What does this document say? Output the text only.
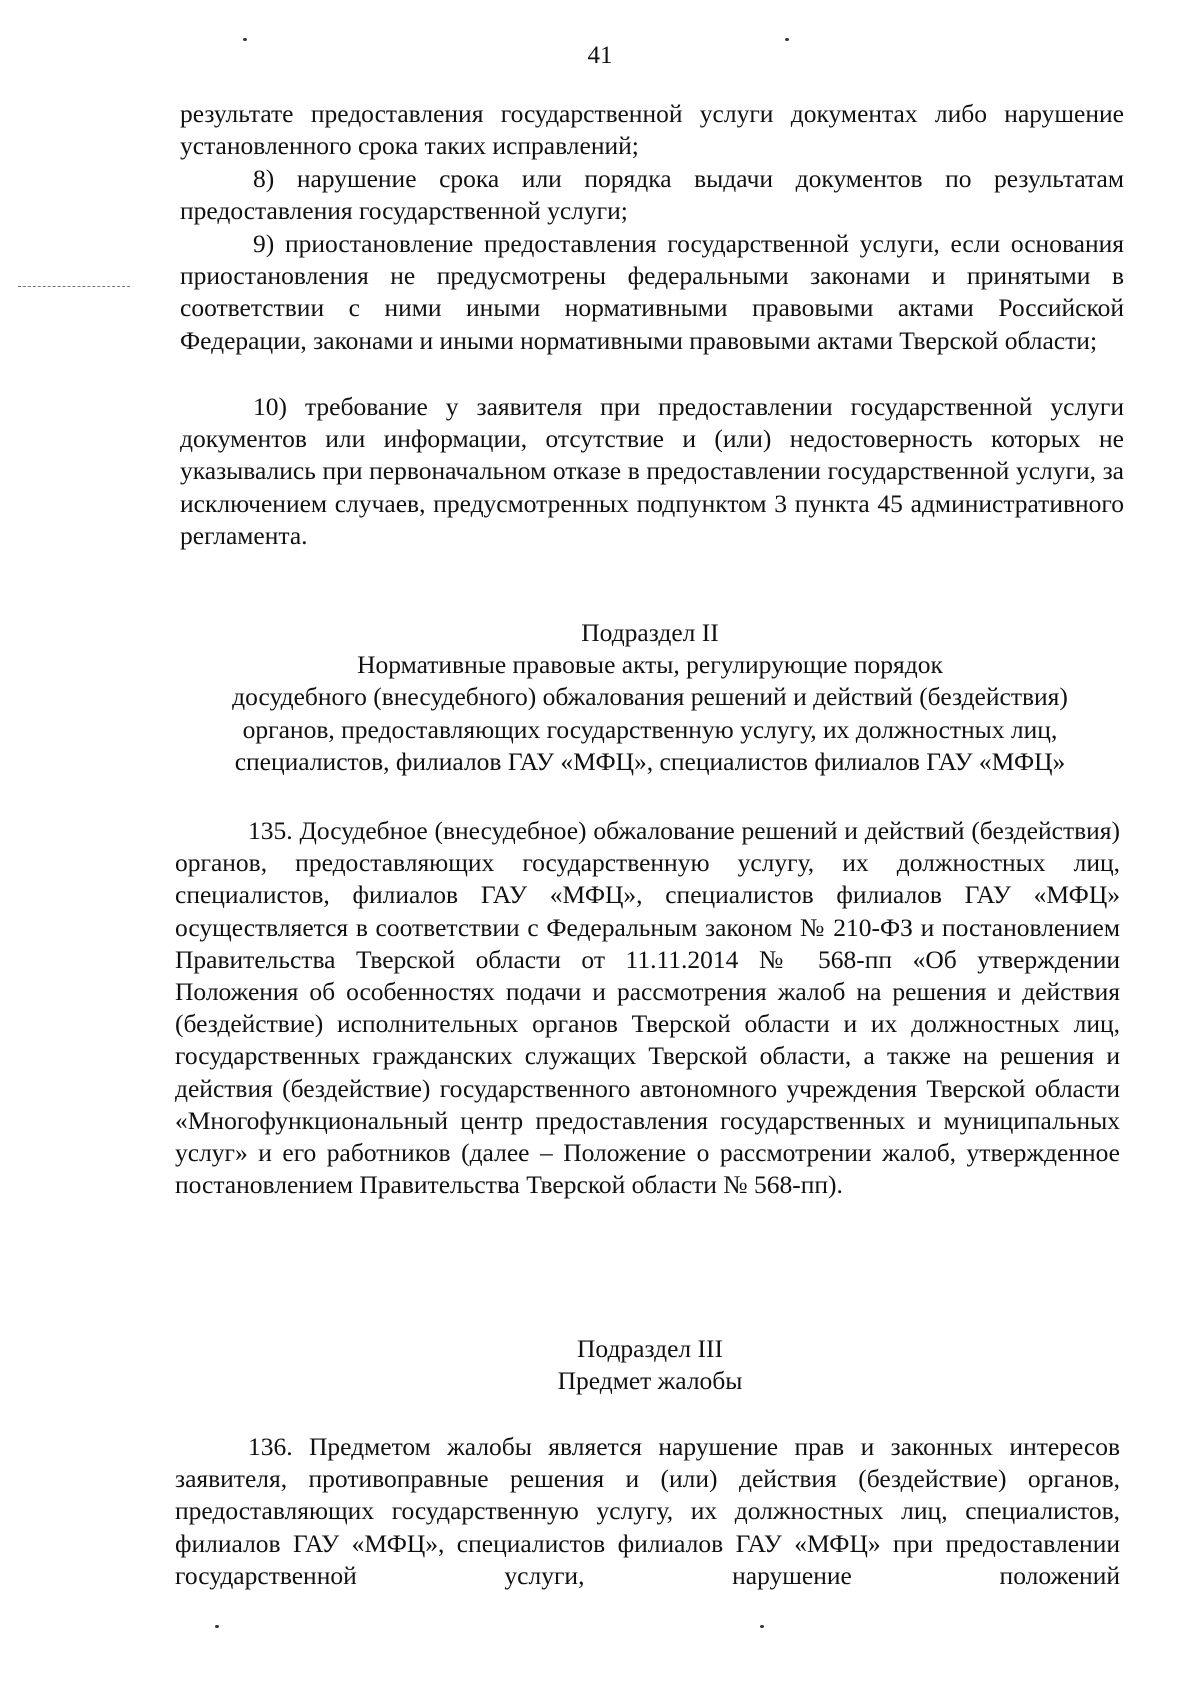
41
результате предоставления государственной услуги документах либо нарушение установленного срока таких исправлений;
8) нарушение срока или порядка выдачи документов по результатам предоставления государственной услуги;
9) приостановление предоставления государственной услуги, если основания приостановления не предусмотрены федеральными законами и принятыми в соответствии с ними иными нормативными правовыми актами Российской Федерации, законами и иными нормативными правовыми актами Тверской области;
10) требование у заявителя при предоставлении государственной услуги документов или информации, отсутствие и (или) недостоверность которых не указывались при первоначальном отказе в предоставлении государственной услуги, за исключением случаев, предусмотренных подпунктом 3 пункта 45 административного регламента.
Подраздел II
Нормативные правовые акты, регулирующие порядок
досудебного (внесудебного) обжалования решений и действий (бездействия)
органов, предоставляющих государственную услугу, их должностных лиц,
специалистов, филиалов ГАУ «МФЦ», специалистов филиалов ГАУ «МФЦ»
135. Досудебное (внесудебное) обжалование решений и действий (бездействия) органов, предоставляющих государственную услугу, их должностных лиц, специалистов, филиалов ГАУ «МФЦ», специалистов филиалов ГАУ «МФЦ» осуществляется в соответствии с Федеральным законом № 210-ФЗ и постановлением Правительства Тверской области от 11.11.2014 № 568-пп «Об утверждении Положения об особенностях подачи и рассмотрения жалоб на решения и действия (бездействие) исполнительных органов Тверской области и их должностных лиц, государственных гражданских служащих Тверской области, а также на решения и действия (бездействие) государственного автономного учреждения Тверской области «Многофункциональный центр предоставления государственных и муниципальных услуг» и его работников (далее – Положение о рассмотрении жалоб, утвержденное постановлением Правительства Тверской области № 568-пп).
Подраздел III
Предмет жалобы
136. Предметом жалобы является нарушение прав и законных интересов заявителя, противоправные решения и (или) действия (бездействие) органов, предоставляющих государственную услугу, их должностных лиц, специалистов, филиалов ГАУ «МФЦ», специалистов филиалов ГАУ «МФЦ» при предоставлении государственной услуги, нарушение положений
